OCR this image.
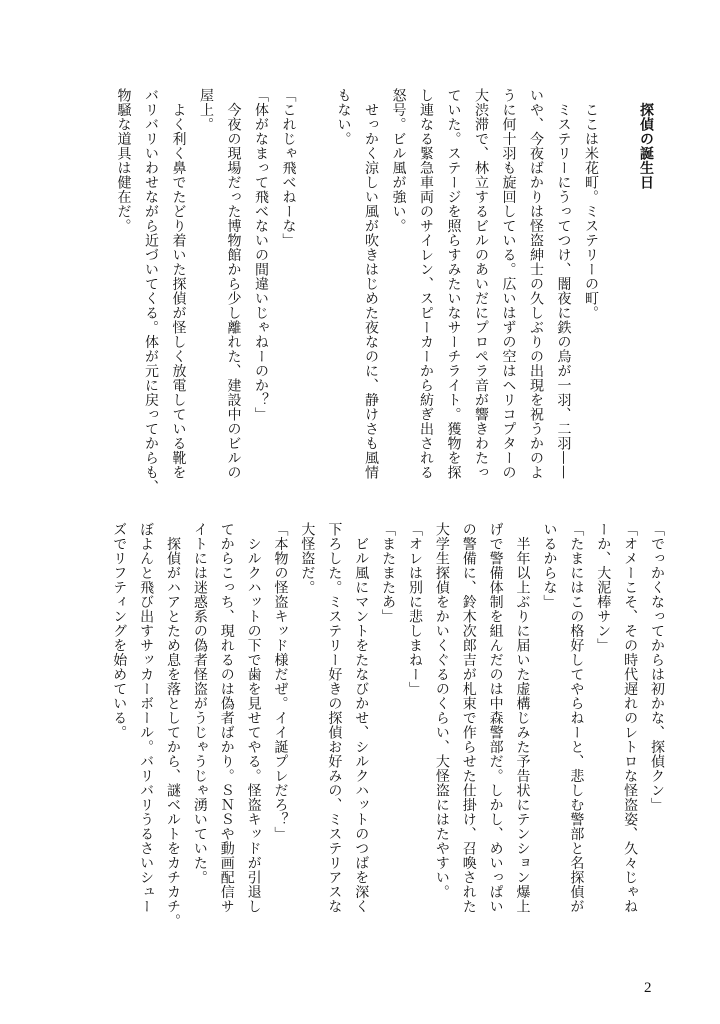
　探偵の誕生日
　ここは米花町。ミステリーの町。
　ミステリーにうってつけ、闇夜に鉄の烏が一羽、二羽——
いや、今夜ばかりは怪盗紳士の久しぶりの出現を祝うかのよ
うに何十羽も旋回している。広いはずの空はヘリコプターの
大渋滞で、林立するビルのあいだにプロペラ音が響きわたっ
ていた。ステージを照らすみたいなサーチライト。獲物を探
し連なる緊急車両のサイレン、スピーカーから紡ぎ出される
怒号。ビル風が強い。
　せっかく涼しい風が吹きはじめた夜なのに、静けさも風情
もない。
「これじゃ飛べねーな」
「体がなまって飛べないの間違いじゃねーのか？」
　今夜の現場だった博物館から少し離れた、建設中のビルの
屋上。
　よく利く鼻でたどり着いた探偵が怪しく放電している靴を
バリバリいわせながら近づいてくる。体が元に戻ってからも、
物騒な道具は健在だ。
「でっかくなってからは初かな、探偵クン」
「オメーこそ、その時代遅れのレトロな怪盗姿、久々じゃね
ーか、大泥棒サン」
「たまにはこの格好してやらねーと、悲しむ警部と名探偵が
いるからな」
　半年以上ぶりに届いた虚構じみた予告状にテンション爆上
げで警備体制を組んだのは中森警部だ。しかし、めいっぱい
の警備に、鈴木次郎吉が札束で作らせた仕掛け、召喚された
大学生探偵をかいくぐるのくらい、大怪盗にはたやすい。
「オレは別に悲しまねー」
「またまたあ」
　ビル風にマントをたなびかせ、シルクハットのつばを深く
下ろした。ミステリー好きの探偵お好みの、ミステリアスな
大怪盗だ。
「本物の怪盗キッド様だぜ。イイ誕プレだろ？」
　シルクハットの下で歯を見せてやる。怪盗キッドが引退し
てからこっち、現れるのは偽者ばかり。ＳＮＳや動画配信サ
イトには迷惑系の偽者怪盗がうじゃうじゃ湧いていた。
　探偵がハアとため息を落としてから、謎ベルトをカチカチ。
ぼよんと飛び出すサッカーボール。バリバリうるさいシュー
ズでリフティングを始めている。
2
